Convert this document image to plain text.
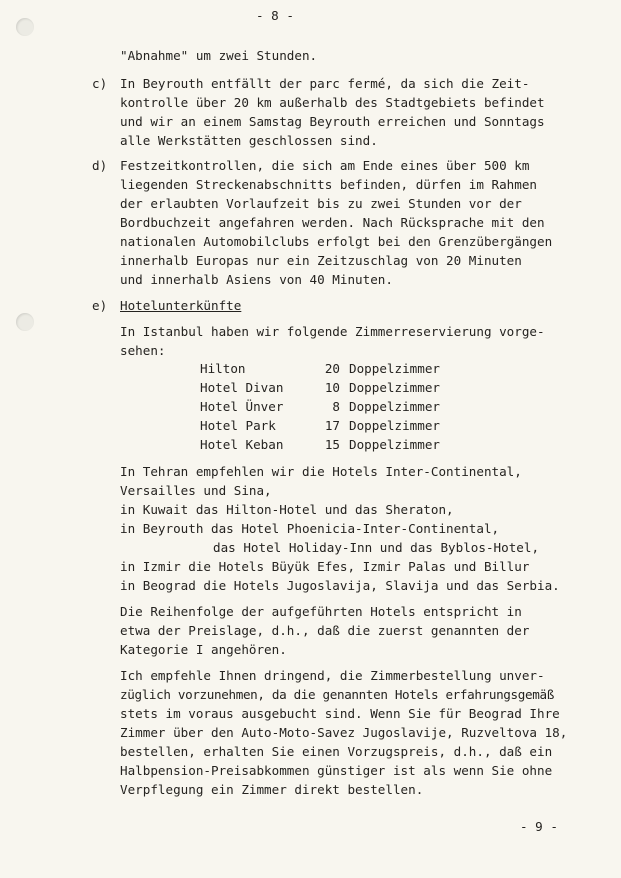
- 8 -
"Abnahme" um zwei Stunden.
c) In Beyrouth entfällt der parc fermé, da sich die Zeit-
kontrolle über 20 km außerhalb des Stadtgebiets befindet
und wir an einem Samstag Beyrouth erreichen und Sonntags
alle Werkstätten geschlossen sind.
d) Festzeitkontrollen, die sich am Ende eines über 500 km
liegenden Streckenabschnitts befinden, dürfen im Rahmen
der erlaubten Vorlaufzeit bis zu zwei Stunden vor der
Bordbuchzeit angefahren werden. Nach Rücksprache mit den
nationalen Automobilclubs erfolgt bei den Grenzübergängen
innerhalb Europas nur ein Zeitzuschlag von 20 Minuten
und innerhalb Asiens von 40 Minuten.
e) Hotelunterkünfte
In Istanbul haben wir folgende Zimmerreservierung vorge-
sehen:
Hilton	20 Doppelzimmer
Hotel Divan	10 Doppelzimmer
Hotel Ünver	8 Doppelzimmer
Hotel Park	17 Doppelzimmer
Hotel Keban	15 Doppelzimmer
In Tehran empfehlen wir die Hotels Inter-Continental,
Versailles und Sina,
in Kuwait das Hilton-Hotel und das Sheraton,
in Beyrouth das Hotel Phoenicia-Inter-Continental,
das Hotel Holiday-Inn und das Byblos-Hotel,
in Izmir die Hotels Büyük Efes, Izmir Palas und Billur
in Beograd die Hotels Jugoslavija, Slavija und das Serbia.
Die Reihenfolge der aufgeführten Hotels entspricht in
etwa der Preislage, d.h., daß die zuerst genannten der
Kategorie I angehören.
Ich empfehle Ihnen dringend, die Zimmerbestellung unver-
züglich vorzunehmen, da die genannten Hotels erfahrungsgemäß
stets im voraus ausgebucht sind. Wenn Sie für Beograd Ihre
Zimmer über den Auto-Moto-Savez Jugoslavije, Ruzveltova 18,
bestellen, erhalten Sie einen Vorzugspreis, d.h., daß ein
Halbpension-Preisabkommen günstiger ist als wenn Sie ohne
Verpflegung ein Zimmer direkt bestellen.
- 9 -
